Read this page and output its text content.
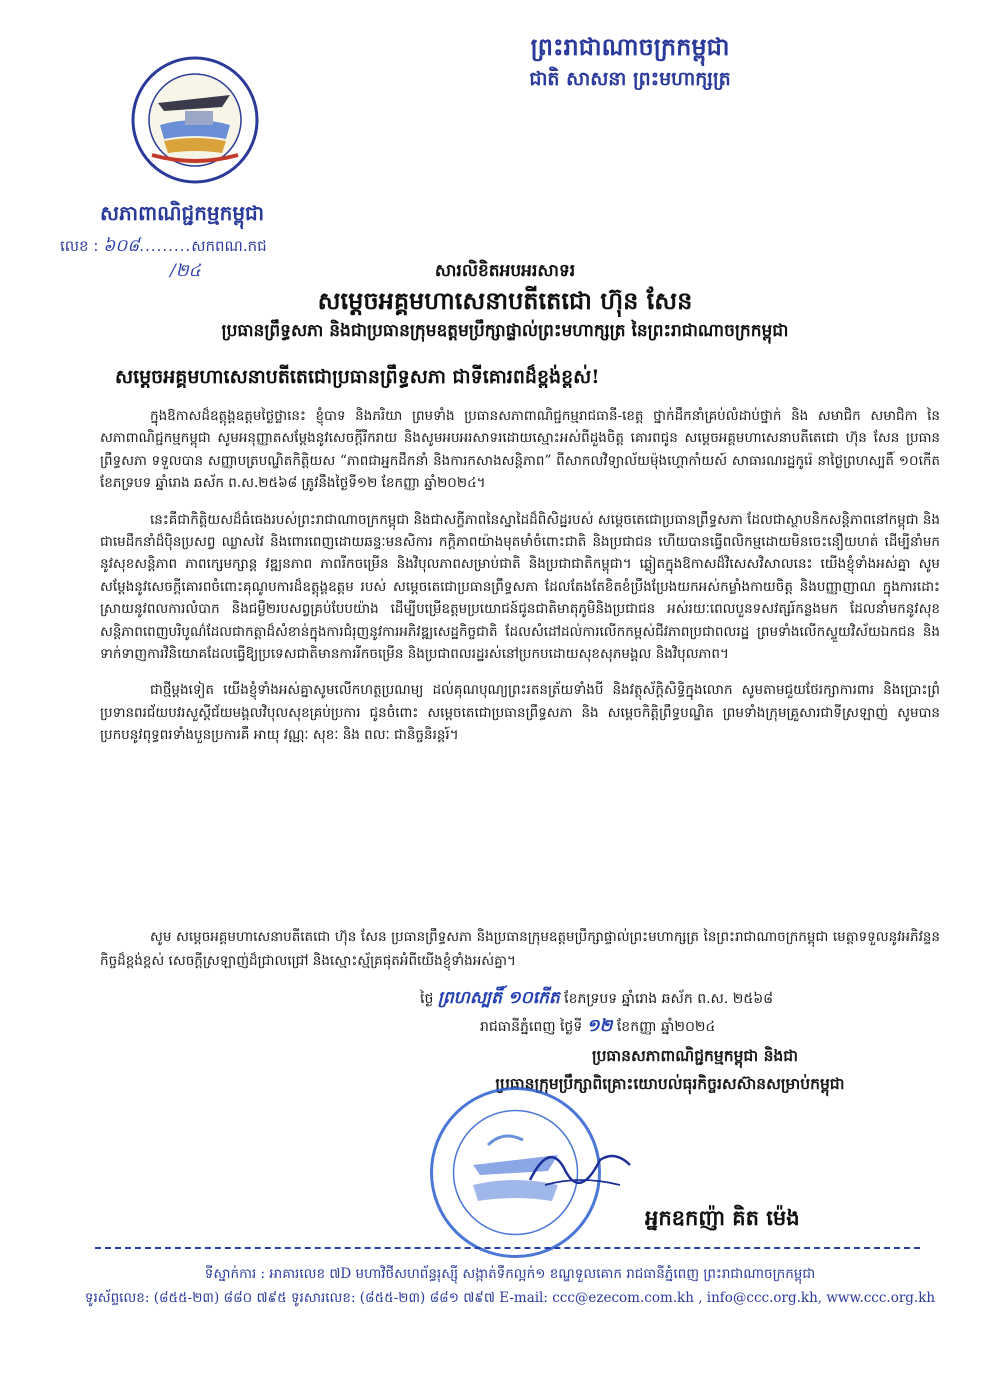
ព្រះរាជាណាចក្រកម្ពុជា
ជាតិ សាសនា ព្រះមហាក្សត្រ
សភាពាណិជ្ជកម្មកម្ពុជា
លេខ : ៦០៨.........សកពណ.កជ
/២៤	សារលិខិតអបអរសាទរ
សម្តេចអគ្គមហាសេនាបតីតេជោ ហ៊ុន សែន
ប្រធានព្រឹទ្ធសភា និងជាប្រធានក្រុមឧត្តមប្រឹក្សាផ្ទាល់ព្រះមហាក្សត្រ នៃព្រះរាជាណាចក្រកម្ពុជា
សម្តេចអគ្គមហាសេនាបតីតេជោប្រធានព្រឹទ្ធសភា ជាទីគោរពដ៏ខ្ពង់ខ្ពស់!

ក្នុងឱកាសដ៏ឧត្តុង្គឧត្តមថ្ងៃថ្លានេះ ខ្ញុំបាទ និងភរិយា ព្រមទាំង ប្រធានសភាពាណិជ្ជកម្មរាជធានី-ខេត្ត ថ្នាក់ដឹកនាំគ្រប់លំដាប់ថ្នាក់ និង សមាជិក សមាជិកា នៃសភាពាណិជ្ជកម្មកម្ពុជា សូមអនុញ្ញាតសម្តែងនូវសេចក្តីរីករាយ និងសូមអបអរសាទរដោយស្មោះអស់ពីដួងចិត្ត គោរពជូន សម្តេចអគ្គមហាសេនាបតីតេជោ ហ៊ុន សែន ប្រធានព្រឹទ្ធសភា ទទួលបាន សញ្ញាបត្របណ្ឌិតកិត្តិយស “ភាពជាអ្នកដឹកនាំ និងការកសាងសន្តិភាព” ពីសាកលវិទ្យាល័យម៉ុងហ្គោកាំយស៍ សាធារណរដ្ឋកូរ៉េ នាថ្ងៃព្រហស្បតិ៍ ១០កើត ខែភទ្របទ ឆ្នាំរោង ឆស័ក ព.ស.២៥៦៨ ត្រូវនឹងថ្ងៃទី១២ ខែកញ្ញា ឆ្នាំ២០២៤។

នេះគឺជាកិត្តិយសដ៏ធំធេងរបស់ព្រះរាជាណាចក្រកម្ពុជា និងជាសក្ខីភាពនៃស្នាដៃដ៏ពិសិដ្ឋរបស់ សម្តេចតេជោប្រធានព្រឹទ្ធសភា ដែលជាស្ថាបនិកសន្តិភាពនៅកម្ពុជា និងជាមេដឹកនាំដ៏ប៉ិនប្រសព្វ ឈ្លាសវៃ និងពោរពេញដោយឆន្ទៈមនសិការ កក្តិភាពយ៉ាងមុតមាំចំពោះជាតិ និងប្រជាជន ហើយបានធ្វើពលិកម្មដោយមិនចេះនឿយហត់ ដើម្បីនាំមកនូវសុខសន្តិភាព ភាពក្សេមក្សាន្ត វឌ្ឍនភាព ភាពរីកចម្រើន និងវិបុលភាពសម្រាប់ជាតិ និងប្រជាជាតិកម្ពុជា។ ឆ្លៀតក្នុងឱកាសដ៏វិសេសវិសាលនេះ យើងខ្ញុំទាំងអស់គ្នា សូមសម្តែងនូវសេចក្តីគោរពចំពោះគុណូបការដ៏ឧត្តុង្គឧត្តម របស់ សម្តេចតេជោប្រធានព្រឹទ្ធសភា ដែលតែងតែខិតខំប្រឹងប្រែងយកអស់កម្លាំងកាយចិត្ត និងបញ្ញាញាណ ក្នុងការដោះស្រាយនូវពលការលំបាក និងជម្ងឺ២របសព្វគ្រប់បែបយ៉ាង ដើម្បីបម្រើឧត្តមប្រយោជន៍ជូនជាតិមាតុភូមិនិងប្រជាជន អស់រយៈពេលបួនទសវត្សរ៍កន្លងមក ដែលនាំមកនូវសុខសន្តិភាពពេញបរិបូណ៌ដែលជាកត្តាដ៏សំខាន់ក្នុងការជំរុញនូវការអភិវឌ្ឍសេដ្ឋកិច្ចជាតិ ដែលសំដៅដល់ការលើកកម្ពស់ជីវភាពប្រជាពលរដ្ឋ ព្រមទាំងលើកស្ទួយវិស័យឯកជន និងទាក់ទាញការវិនិយោគដែលធ្វើឱ្យប្រទេសជាតិមានការរីកចម្រើន និងប្រជាពលរដ្ឋរស់នៅប្រកបដោយសុខសុភមង្គល និងវិបុលភាព។

ជាថ្មីម្តងទៀត យើងខ្ញុំទាំងអស់គ្នាសូមលើកហត្ថប្រណម្យ ដល់គុណបុណ្យព្រះរតនត្រ័យទាំងបី និងវត្ថុស័ក្តិសិទ្ធិក្នុងលោក សូមតាមជួយថែរក្សាការពារ និងប្រោះព្រំប្រទានពរជ័យបវរសួស្តីជ័យមង្គលវិបុលសុខគ្រប់ប្រការ ជូនចំពោះ សម្តេចតេជោប្រធានព្រឹទ្ធសភា និង សម្តេចកិត្តិព្រឹទ្ធបណ្ឌិត ព្រមទាំងក្រុមគ្រួសារជាទីស្រឡាញ់ សូមបានប្រកបនូវពុទ្ធពរទាំងបួនប្រការគឺ អាយុ វណ្ណៈ សុខៈ និង ពលៈ ជានិច្ចនិរន្តរ៍។

សូម សម្តេចអគ្គមហាសេនាបតីតេជោ ហ៊ុន សែន ប្រធានព្រឹទ្ធសភា និងប្រធានក្រុមឧត្តមប្រឹក្សាផ្ទាល់ព្រះមហាក្សត្រ នៃព្រះរាជាណាចក្រកម្ពុជា មេត្តាទទួលនូវអភិវន្ទនកិច្ចដ៏ខ្ពង់ខ្ពស់ សេចក្តីស្រឡាញ់ដ៏ជ្រាលជ្រៅ និងស្មោះស្ម័គ្រផុតអំពីយើងខ្ញុំទាំងអស់គ្នា។

ថ្ងៃ ព្រហស្បតិ៍ ១០កើត ខែភទ្របទ ឆ្នាំរោង ឆស័ក ព.ស. ២៥៦៨
រាជធានីភ្នំពេញ ថ្ងៃទី ១២ ខែកញ្ញា ឆ្នាំ២០២៤
ប្រធានសភាពាណិជ្ជកម្មកម្ពុជា និងជា
ប្រធានក្រុមប្រឹក្សាពិគ្រោះយោបល់ធុរកិច្ចរសស៊ានសម្រាប់កម្ពុជា
អ្នកឧកញ៉ា គិត ម៉េង
ទីស្នាក់ការ : អាគារលេខ ៧D មហាវិថីសហព័ន្ធរុស្ស៊ី សង្កាត់ទឹកល្អក់១ ខណ្ឌទួលគោក រាជធានីភ្នំពេញ ព្រះរាជាណាចក្រកម្ពុជា
ទូរស័ព្ទលេខ: (៨៥៥-២៣) ៨៨០ ៧៩៥ ទូរសារលេខ: (៨៥៥-២៣) ៨៨១ ៧៩៧ E-mail: ccc@ezecom.com.kh , info@ccc.org.kh, www.ccc.org.kh
